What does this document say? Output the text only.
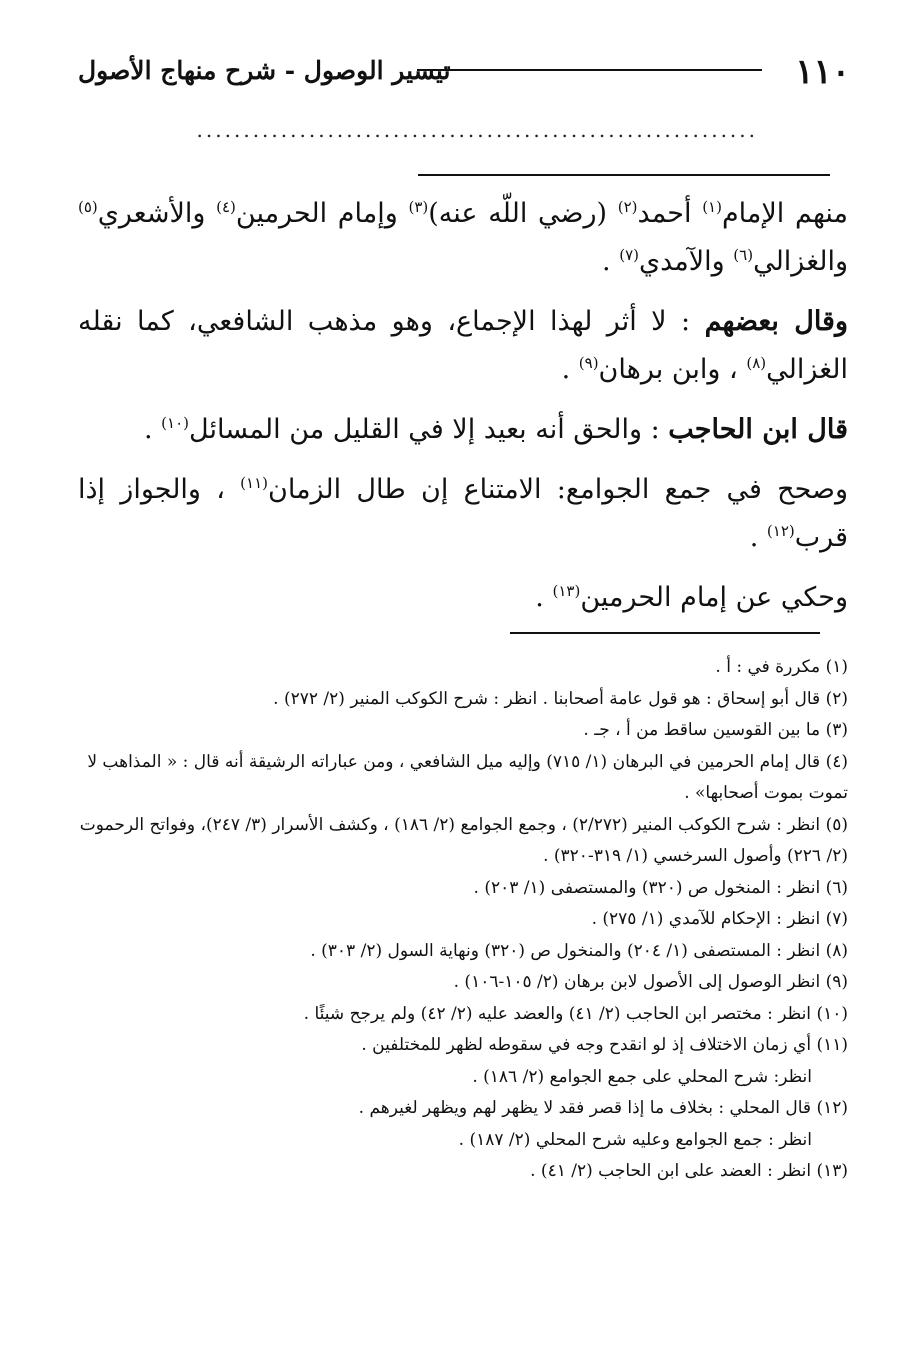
١١٠
تيسير الوصول - شرح منهاج الأصول
............................................................

منهم الإمام$^{(١)}$ أحمد$^{(٢)}$ (رضي اللّه عنه)$^{(٣)}$ وإمام الحرمين$^{(٤)}$ والأشعري$^{(٥)}$ والغزالي$^{(٦)}$ والآمدي$^{(٧)}$ .

وقال بعضهم : لا أثر لهذا الإجماع، وهو مذهب الشافعي، كما نقله الغزالي$^{(٨)}$ ، وابن برهان$^{(٩)}$ .

قال ابن الحاجب : والحق أنه بعيد إلا في القليل من المسائل$^{(١٠)}$ .

وصحح في جمع الجوامع: الامتناع إن طال الزمان$^{(١١)}$ ، والجواز إذا قرب$^{(١٢)}$ .

وحكي عن إمام الحرمين$^{(١٣)}$ .

(١) مكررة في : أ .

(٢) قال أبو إسحاق : هو قول عامة أصحابنا . انظر : شرح الكوكب المنير (٢/ ٢٧٢) .

(٣) ما بين القوسين ساقط من أ ، جـ .

(٤) قال إمام الحرمين في البرهان (١/ ٧١٥) وإليه ميل الشافعي ، ومن عباراته الرشيقة أنه قال : « المذاهب لا تموت بموت أصحابها» .

(٥) انظر : شرح الكوكب المنير (٢/٢٧٢) ، وجمع الجوامع (٢/ ١٨٦) ، وكشف الأسرار (٣/ ٢٤٧)، وفواتح الرحموت (٢/ ٢٢٦) وأصول السرخسي (١/ ٣١٩-٣٢٠) .

(٦) انظر : المنخول ص (٣٢٠) والمستصفى (١/ ٢٠٣) .

(٧) انظر : الإحكام للآمدي (١/ ٢٧٥) .

(٨) انظر : المستصفى (١/ ٢٠٤) والمنخول ص (٣٢٠) ونهاية السول (٢/ ٣٠٣) .

(٩) انظر الوصول إلى الأصول لابن برهان (٢/ ١٠٥-١٠٦) .

(١٠) انظر : مختصر ابن الحاجب (٢/ ٤١) والعضد عليه (٢/ ٤٢) ولم يرجح شيئًا .

(١١) أي زمان الاختلاف إذ لو انقدح وجه في سقوطه لظهر للمختلفين .

انظر: شرح المحلي على جمع الجوامع (٢/ ١٨٦) .

(١٢) قال المحلي : بخلاف ما إذا قصر فقد لا يظهر لهم ويظهر لغيرهم .

انظر : جمع الجوامع وعليه شرح المحلي (٢/ ١٨٧) .

(١٣) انظر : العضد على ابن الحاجب (٢/ ٤١) .
